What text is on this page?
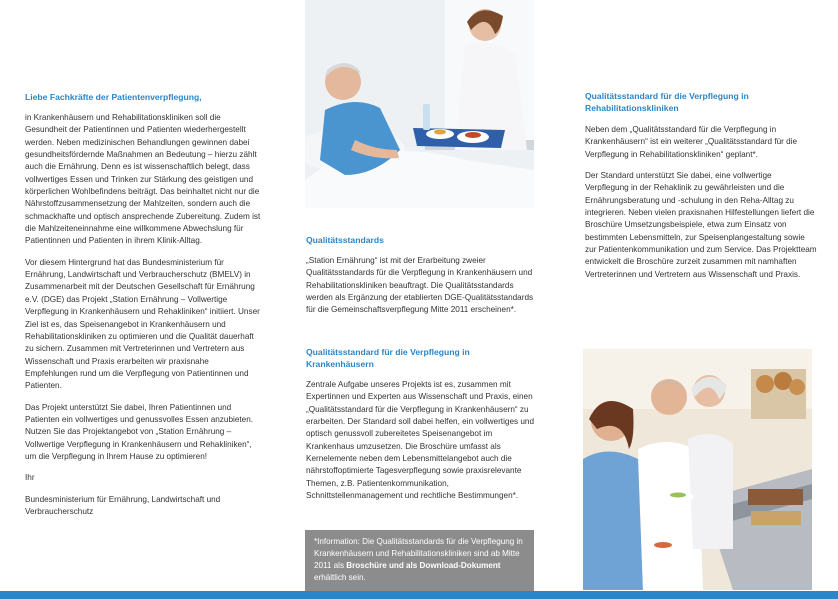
Liebe Fachkräfte der Patientenverpflegung,

in Krankenhäusern und Rehabilitationskliniken soll die Gesundheit der Patientinnen und Patienten wiederhergestellt werden. Neben medizinischen Behandlungen gewinnen dabei gesundheitsfördernde Maßnahmen an Bedeutung – hierzu zählt auch die Ernährung. Denn es ist wissenschaftlich belegt, dass vollwertiges Essen und Trinken zur Stärkung des geistigen und körperlichen Wohlbefindens beiträgt. Das beinhaltet nicht nur die Nährstoffzusammensetzung der Mahlzeiten, sondern auch die schmackhafte und optisch ansprechende Zubereitung. Zudem ist die Mahlzeiteneinnahme eine willkommene Abwechslung für Patientinnen und Patienten in ihrem Klinik-Alltag.

Vor diesem Hintergrund hat das Bundesministerium für Ernährung, Landwirtschaft und Verbraucherschutz (BMELV) in Zusammenarbeit mit der Deutschen Gesellschaft für Ernährung e.V. (DGE) das Projekt „Station Ernährung – Vollwertige Verpflegung in Krankenhäusern und Rehakliniken“ initiiert. Unser Ziel ist es, das Speisenangebot in Krankenhäusern und Rehabilitationskliniken zu optimieren und die Qualität dauerhaft zu sichern. Zusammen mit Vertreterinnen und Vertretern aus Wissenschaft und Praxis erarbeiten wir praxisnahe Empfehlungen rund um die Verpflegung von Patientinnen und Patienten.

Das Projekt unterstützt Sie dabei, Ihren Patientinnen und Patienten ein vollwertiges und genussvolles Essen anzubieten. Nutzen Sie das Projektangebot von „Station Ernährung – Vollwertige Verpflegung in Krankenhäusern und Rehakliniken“, um die Verpflegung in Ihrem Hause zu optimieren!

Ihr

Bundesministerium für Ernährung, Landwirtschaft und Verbraucherschutz

Qualitätsstandards

„Station Ernährung“ ist mit der Erarbeitung zweier Qualitätsstandards für die Verpflegung in Krankenhäusern und Rehabilitationskliniken beauftragt. Die Qualitätsstandards werden als Ergänzung der etablierten DGE-Qualitätsstandards für die Gemeinschaftsverpflegung Mitte 2011 erscheinen*.

Qualitätsstandard für die Verpflegung in Krankenhäusern

Zentrale Aufgabe unseres Projekts ist es, zusammen mit Expertinnen und Experten aus Wissenschaft und Praxis, einen „Qualitätsstandard für die Verpflegung in Krankenhäusern“ zu erarbeiten. Der Standard soll dabei helfen, ein vollwertiges und optisch genussvoll zubereitetes Speisenangebot im Krankenhaus umzusetzen. Die Broschüre umfasst als Kernelemente neben dem Lebensmittelangebot auch die nährstoffoptimierte Tagesverpflegung sowie praxisrelevante Themen, z.B. Patientenkommunikation, Schnittstellenmanagement und rechtliche Bestimmungen*.

*Information: Die Qualitätsstandards für die Verpflegung in Krankenhäusern und Rehabilitationskliniken sind ab Mitte 2011 als Broschüre und als Download-Dokument erhältlich sein.
Qualitätsstandard für die Verpflegung in Rehabilitationskliniken

Neben dem „Qualitätsstandard für die Verpflegung in Krankenhäusern“ ist ein weiterer „Qualitätsstandard für die Verpflegung in Rehabilitationskliniken“ geplant*.

Der Standard unterstützt Sie dabei, eine vollwertige Verpflegung in der Rehaklinik zu gewährleisten und die Ernährungsberatung und -schulung in den Reha-Alltag zu integrieren. Neben vielen praxisnahen Hilfestellungen liefert die Broschüre Umsetzungsbeispiele, etwa zum Einsatz von bestimmten Lebensmitteln, zur Speisenplangestaltung sowie zur Patientenkommunikation und zum Service. Das Projektteam entwickelt die Broschüre zurzeit zusammen mit namhaften Vertreterinnen und Vertretern aus Wissenschaft und Praxis.
